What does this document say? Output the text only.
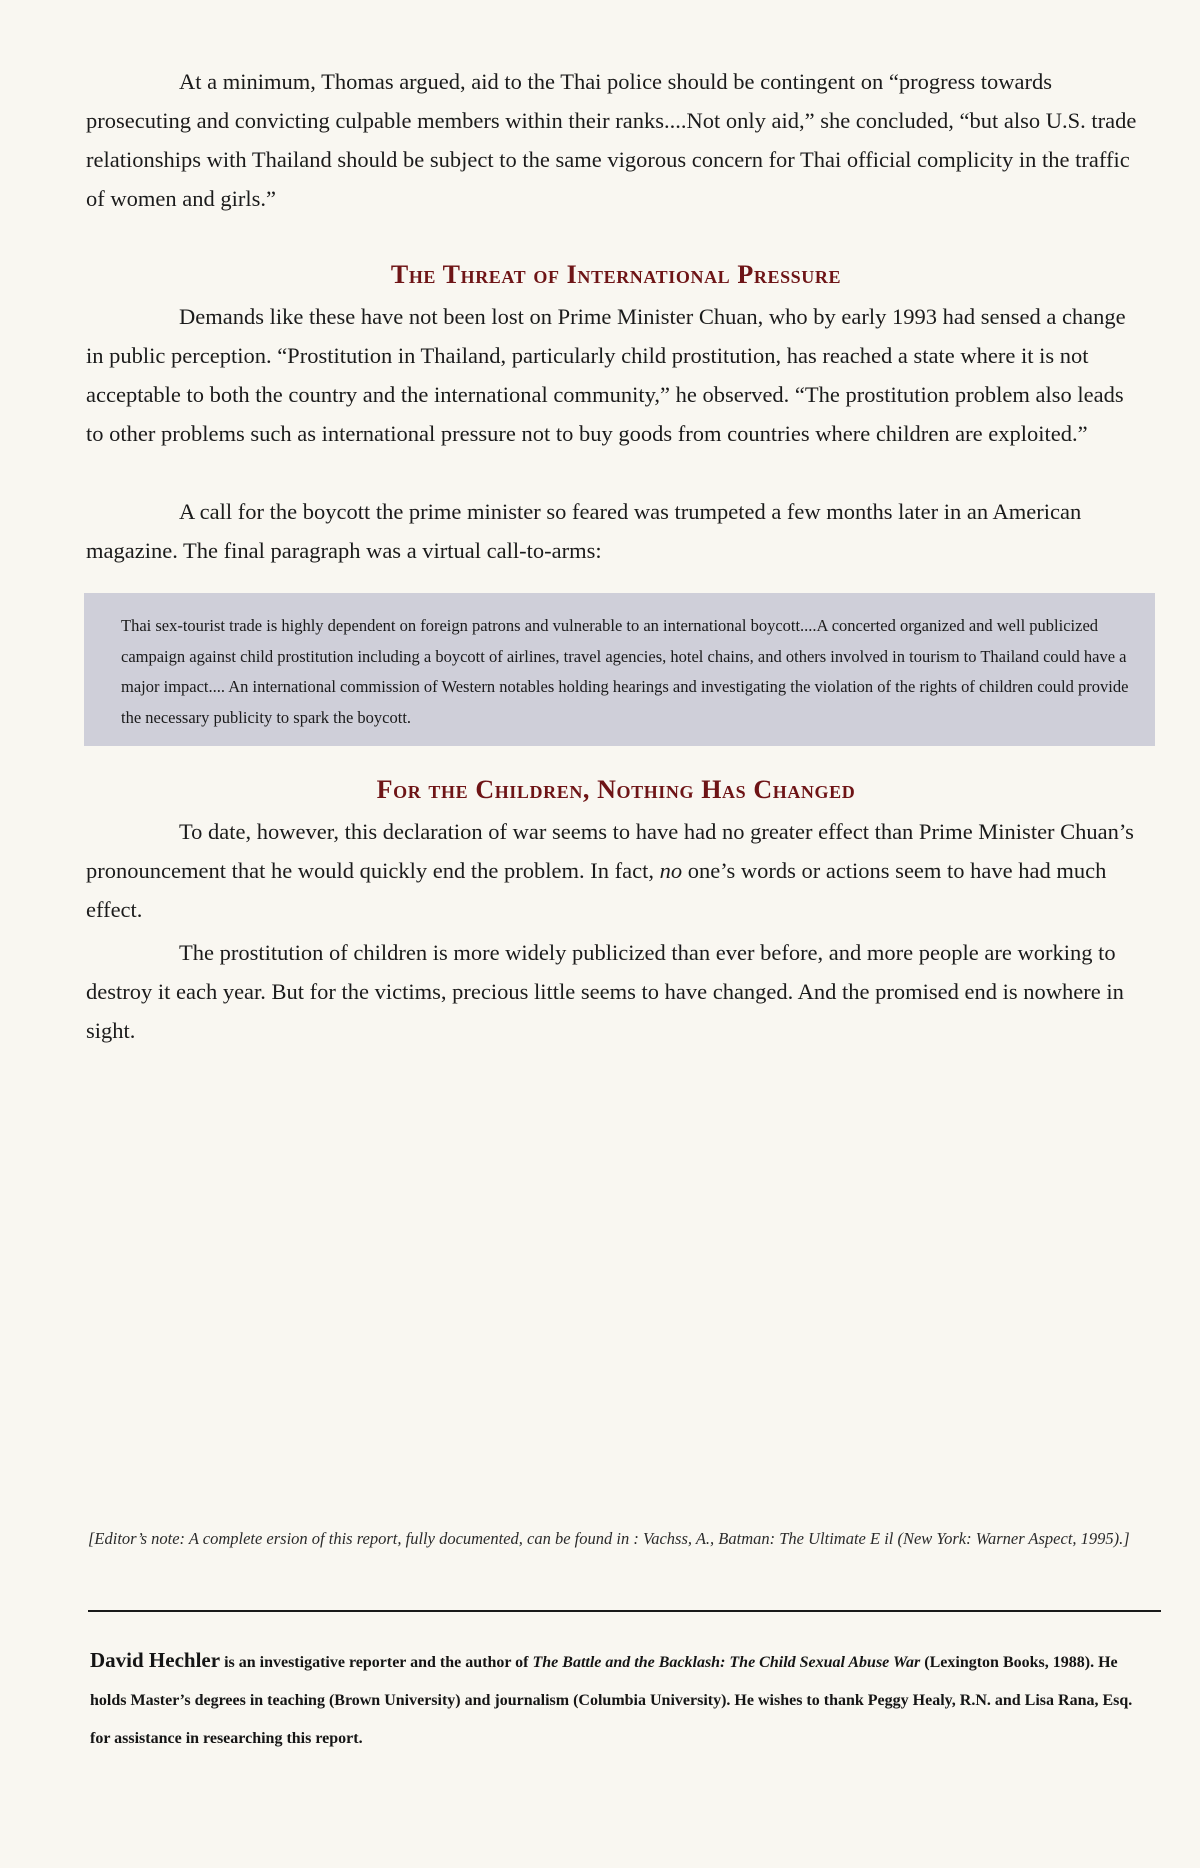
At a minimum, Thomas argued, aid to the Thai police should be contingent on “progress towards prosecuting and convicting culpable members within their ranks....Not only aid,” she concluded, “but also U.S. trade relationships with Thailand should be subject to the same vigorous concern for Thai official complicity in the traffic of women and girls.”

The Threat of International Pressure

Demands like these have not been lost on Prime Minister Chuan, who by early 1993 had sensed a change in public perception. “Prostitution in Thailand, particularly child prostitution, has reached a state where it is not acceptable to both the country and the international community,” he observed. “The prostitution problem also leads to other problems such as international pressure not to buy goods from countries where children are exploited.”

A call for the boycott the prime minister so feared was trumpeted a few months later in an American magazine. The final paragraph was a virtual call-to-arms:

Thai sex-tourist trade is highly dependent on foreign patrons and vulnerable to an international boycott....A concerted organized and well publicized campaign against child prostitution including a boycott of airlines, travel agencies, hotel chains, and others involved in tourism to Thailand could have a major impact.... An international commission of Western notables holding hearings and investigating the violation of the rights of children could provide the necessary publicity to spark the boycott.

For the Children, Nothing Has Changed

To date, however, this declaration of war seems to have had no greater effect than Prime Minister Chuan’s pronouncement that he would quickly end the problem. In fact, no one’s words or actions seem to have had much effect.

The prostitution of children is more widely publicized than ever before, and more people are working to destroy it each year. But for the victims, precious little seems to have changed. And the promised end is nowhere in sight.

[Editor’s note: A complete ersion of this report, fully documented, can be found in : Vachss, A., Batman: The Ultimate E il (New York: Warner Aspect, 1995).]

David Hechler is an investigative reporter and the author of The Battle and the Backlash: The Child Sexual Abuse War (Lexington Books, 1988). He holds Master’s degrees in teaching (Brown University) and journalism (Columbia University). He wishes to thank Peggy Healy, R.N. and Lisa Rana, Esq. for assistance in researching this report.
